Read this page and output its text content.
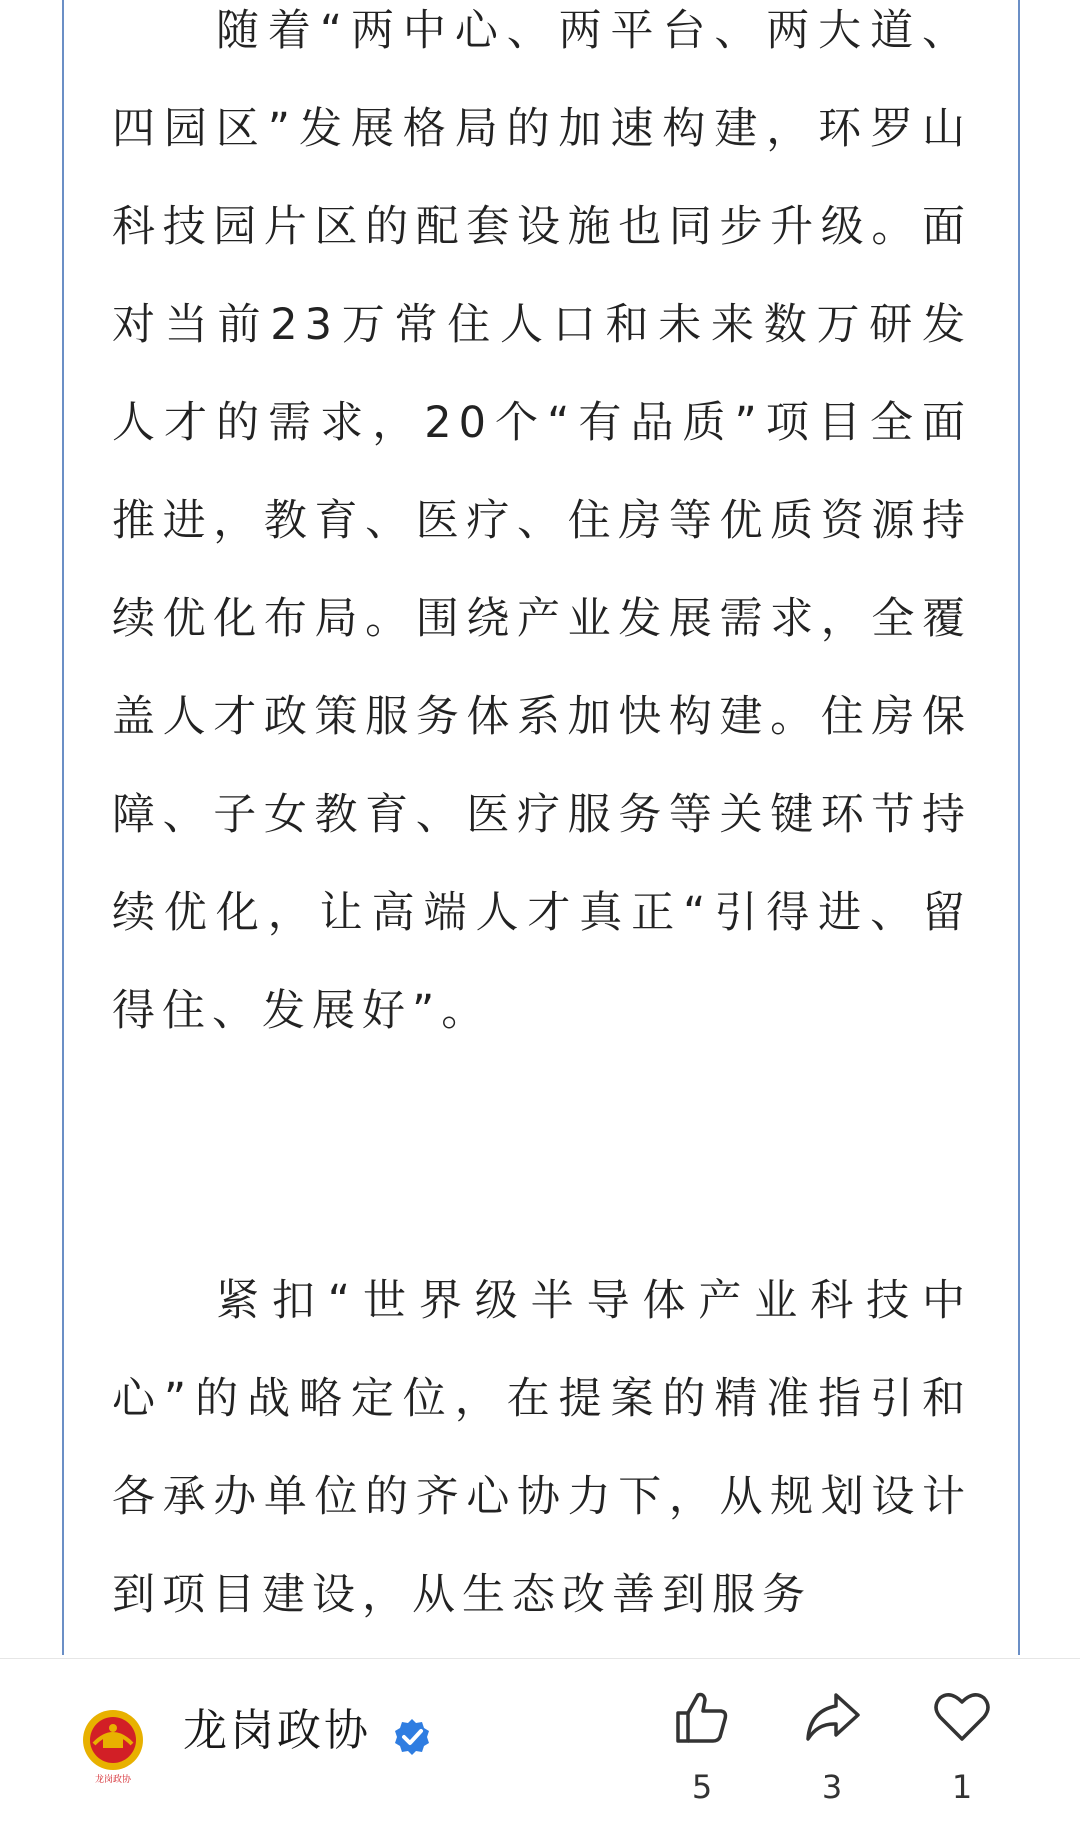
随着“两中心、两平台、两大道、四园区”发展格局的加速构建，环罗山科技园片区的配套设施也同步升级。面对当前23万常住人口和未来数万研发人才的需求，20个“有品质”项目全面推进，教育、医疗、住房等优质资源持续优化布局。围绕产业发展需求，全覆盖人才政策服务体系加快构建。住房保障、子女教育、医疗服务等关键环节持续优化，让高端人才真正“引得进、留得住、发展好”。

紧扣“世界级半导体产业科技中心”的战略定位，在提案的精准指引和各承办单位的齐心协力下，从规划设计到项目建设，从生态改善到服务

龙岗政协
龙岗政协
5	3	1
